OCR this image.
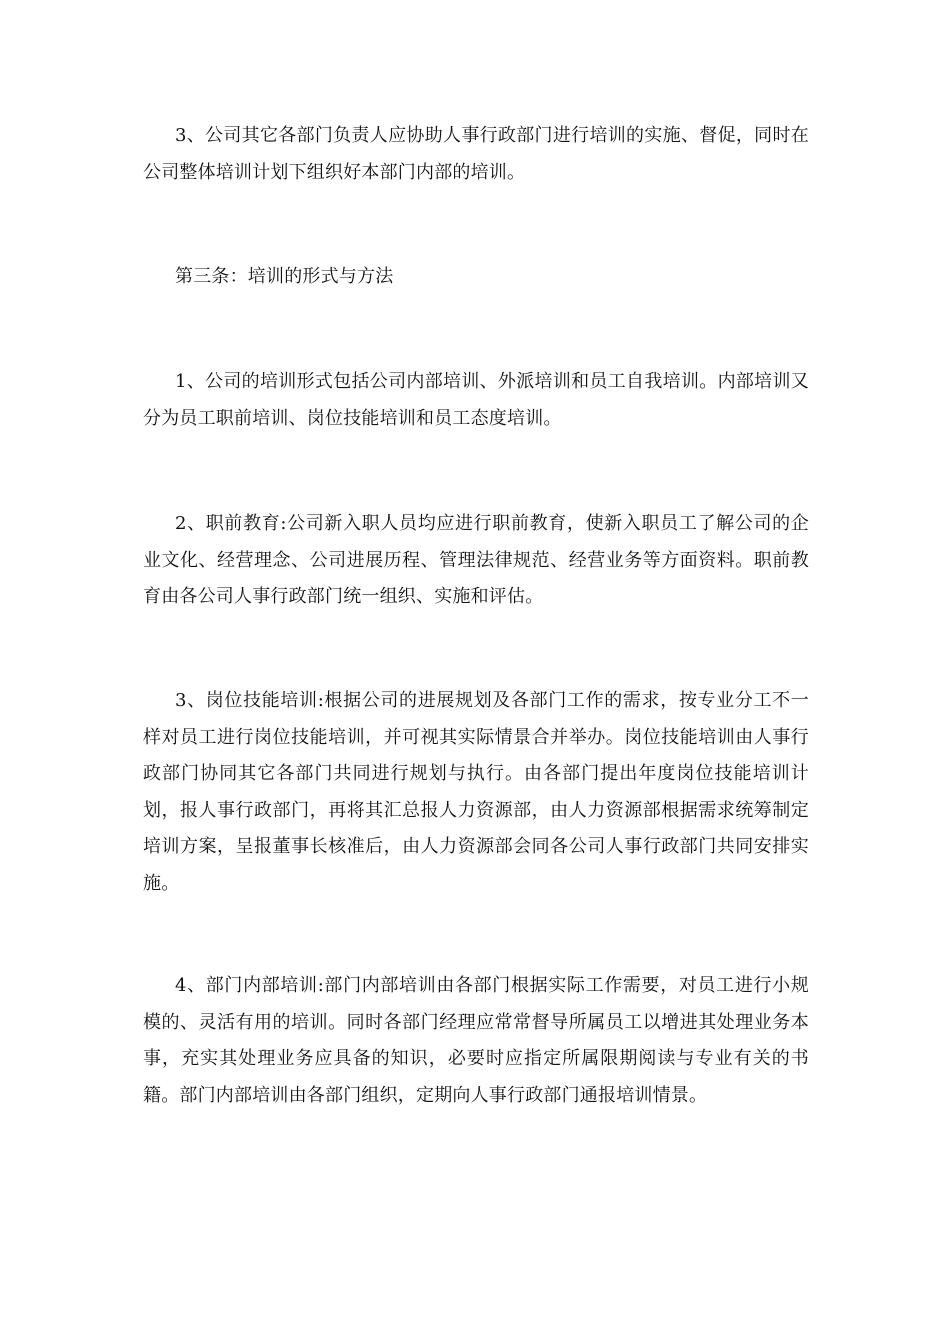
3、公司其它各部门负责人应协助人事行政部门进行培训的实施、督促，同时在公司整体培训计划下组织好本部门内部的培训。

第三条：培训的形式与方法

1、公司的培训形式包括公司内部培训、外派培训和员工自我培训。内部培训又分为员工职前培训、岗位技能培训和员工态度培训。

2、职前教育:公司新入职人员均应进行职前教育，使新入职员工了解公司的企业文化、经营理念、公司进展历程、管理法律规范、经营业务等方面资料。职前教育由各公司人事行政部门统一组织、实施和评估。

3、岗位技能培训:根据公司的进展规划及各部门工作的需求，按专业分工不一样对员工进行岗位技能培训，并可视其实际情景合并举办。岗位技能培训由人事行政部门协同其它各部门共同进行规划与执行。由各部门提出年度岗位技能培训计划，报人事行政部门，再将其汇总报人力资源部，由人力资源部根据需求统筹制定培训方案，呈报董事长核准后，由人力资源部会同各公司人事行政部门共同安排实施。

4、部门内部培训:部门内部培训由各部门根据实际工作需要，对员工进行小规模的、灵活有用的培训。同时各部门经理应常常督导所属员工以增进其处理业务本事，充实其处理业务应具备的知识，必要时应指定所属限期阅读与专业有关的书籍。部门内部培训由各部门组织，定期向人事行政部门通报培训情景。
